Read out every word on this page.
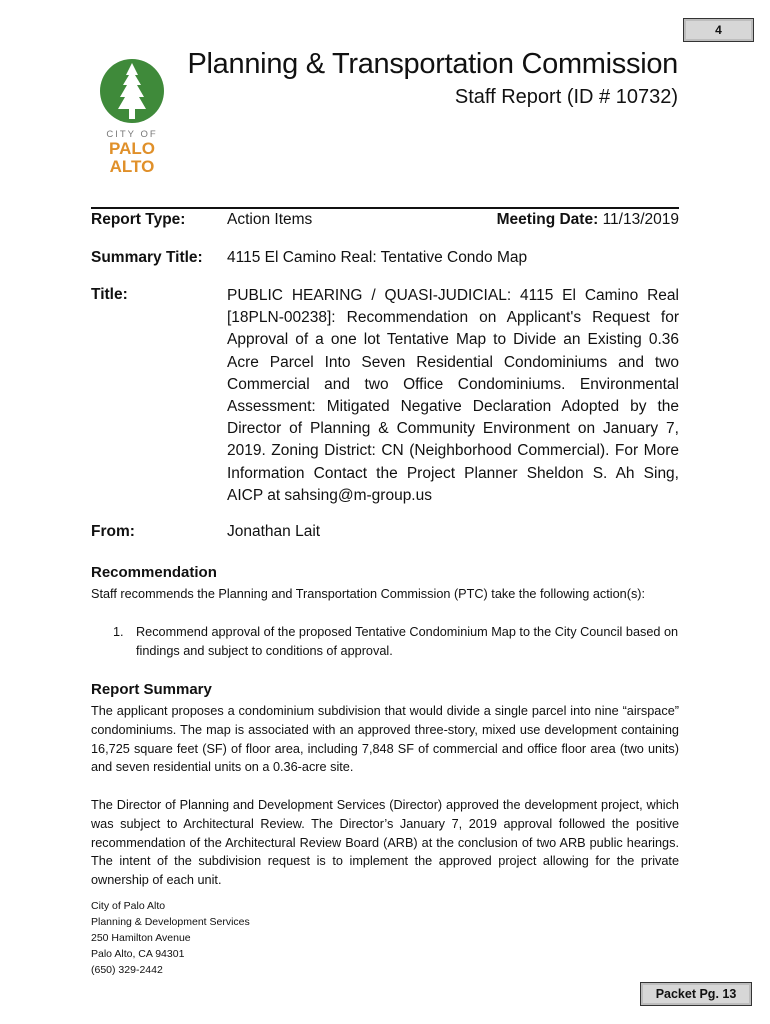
4
CITY OF
PALO
ALTO
Planning & Transportation Commission
Staff Report (ID # 10732)
Report Type:	Action Items	Meeting Date: 11/13/2019
Summary Title: 4115 El Camino Real: Tentative Condo Map
Title:	PUBLIC HEARING / QUASI-JUDICIAL: 4115 El Camino Real [18PLN-00238]: Recommendation on Applicant's Request for Approval of a one lot Tentative Map to Divide an Existing 0.36 Acre Parcel Into Seven Residential Condominiums and two Commercial and two Office Condominiums. Environmental Assessment: Mitigated Negative Declaration Adopted by the Director of Planning & Community Environment on January 7, 2019. Zoning District: CN (Neighborhood Commercial). For More Information Contact the Project Planner Sheldon S. Ah Sing, AICP at sahsing@m-group.us
From:	Jonathan Lait
Recommendation
Staff recommends the Planning and Transportation Commission (PTC) take the following action(s):
1. Recommend approval of the proposed Tentative Condominium Map to the City Council based on findings and subject to conditions of approval.
Report Summary
The applicant proposes a condominium subdivision that would divide a single parcel into nine “airspace” condominiums. The map is associated with an approved three-story, mixed use development containing 16,725 square feet (SF) of floor area, including 7,848 SF of commercial and office floor area (two units) and seven residential units on a 0.36-acre site.
The Director of Planning and Development Services (Director) approved the development project, which was subject to Architectural Review. The Director’s January 7, 2019 approval followed the positive recommendation of the Architectural Review Board (ARB) at the conclusion of two ARB public hearings. The intent of the subdivision request is to implement the approved project allowing for the private ownership of each unit.
City of Palo Alto
Planning & Development Services
250 Hamilton Avenue
Palo Alto, CA 94301
(650) 329-2442
Packet Pg. 13
